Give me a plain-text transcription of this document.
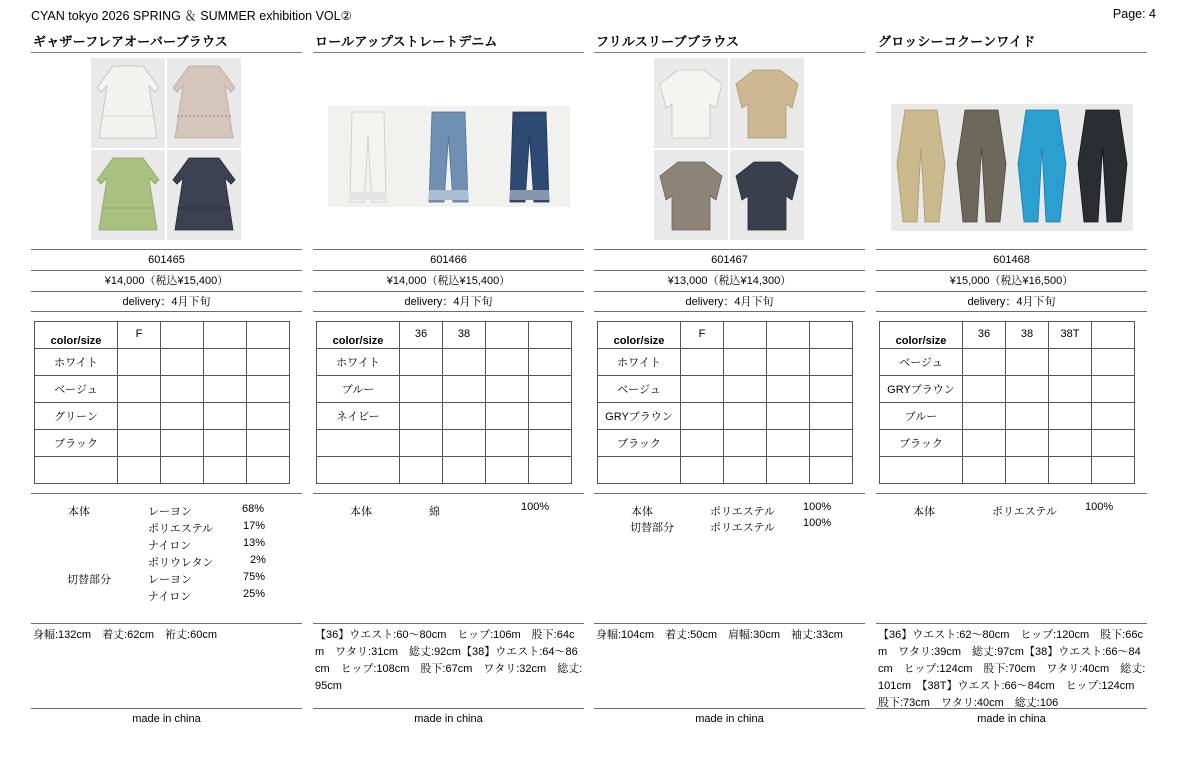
CYAN tokyo 2026 SPRING ＆ SUMMER exhibition VOL②	Page: 4
ギャザーフレアオーバーブラウス
601465
¥14,000（税込¥15,400）
delivery：4月下旬
color/size	F			
ホワイト				
ベージュ				
グリーン				
ブラック				

本体	レーヨン	68%
ポリエステル	17%
ナイロン	13%
ポリウレタン	2%
切替部分	レーヨン	75%
ナイロン	25%
身幅:132cm　着丈:62cm　裄丈:60cm
made in china
ロールアップストレートデニム
601466
¥14,000（税込¥15,400）
delivery：4月下旬
color/size	36	38		
ホワイト				
ブルー				
ネイビー				

本体	綿	100%
【36】ウエスト:60〜80cm　ヒップ:106m　股下:64cm　ワタリ:31cm　総丈:92cm【38】ウエスト:64〜86cm　ヒップ:108cm　股下:67cm　ワタリ:32cm　総丈:95cm
made in china
フリルスリーブブラウス
601467
¥13,000（税込¥14,300）
delivery：4月下旬
color/size	F			
ホワイト				
ベージュ				
GRYブラウン				
ブラック				

本体	ポリエステル	100%
切替部分	ポリエステル	100%
身幅:104cm　着丈:50cm　肩幅:30cm　袖丈:33cm
made in china
グロッシーコクーンワイド
601468
¥15,000（税込¥16,500）
delivery：4月下旬
color/size	36	38	38T	
ベージュ				
GRYブラウン				
ブルー				
ブラック				

本体	ポリエステル	100%
【36】ウエスト:62〜80cm　ヒップ:120cm　股下:66cm　ワタリ:39cm　総丈:97cm【38】ウエスト:66〜84cm　ヒップ:124cm　股下:70cm　ワタリ:40cm　総丈:101cm　【38T】ウエスト:66〜84cm　ヒップ:124cm　股下:73cm　ワタリ:40cm　総丈:106
made in china
